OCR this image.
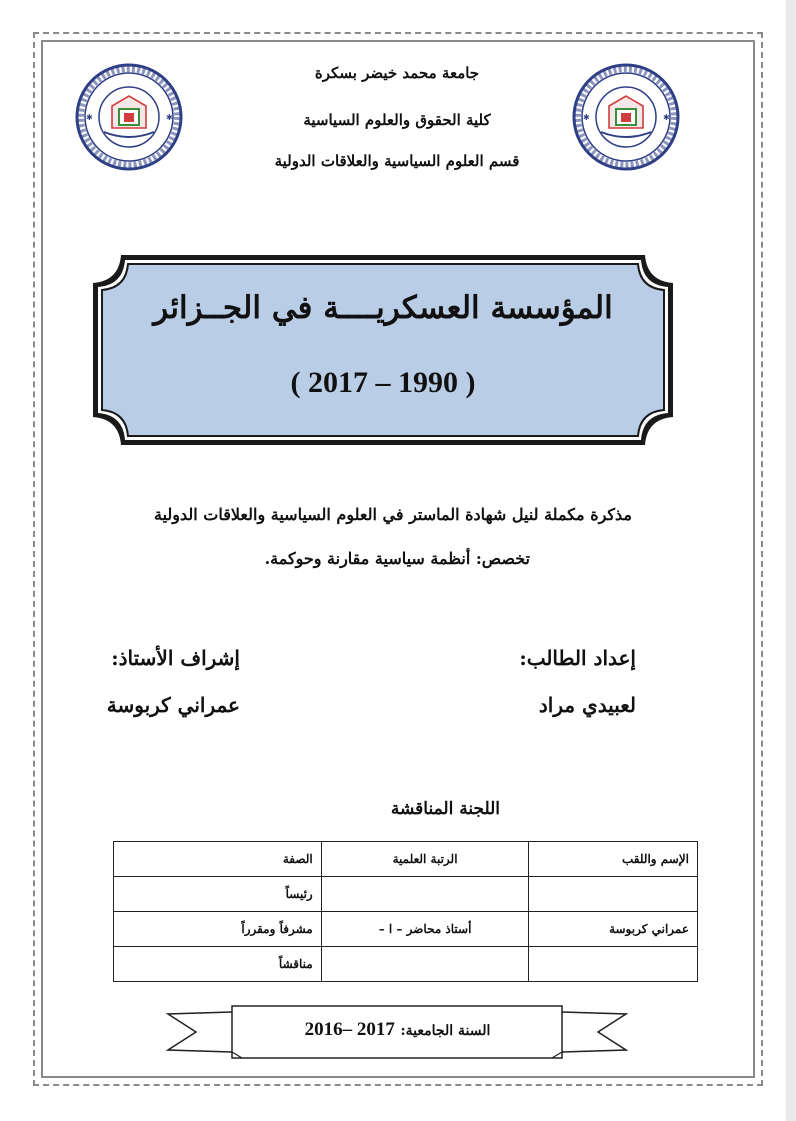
✱	✱	✱	✱
جامعة محمد خيضر بسكرة
كلية الحقوق والعلوم السياسية
قسم العلوم السياسية والعلاقات الدولية
المؤسسة العسكريــــة في الجــزائر
( 2017 – 1990 )
مذكرة مكملة لنيل شهادة الماستر في العلوم السياسية والعلاقات الدولية
تخصص: أنظمة سياسية مقارنة وحوكمة.
إعداد الطالب:
إشراف الأستاذ:
لعبيدي مراد
عمراني كربوسة
اللجنة المناقشة
الإسم واللقب	الرتبة العلمية	الصفة
		رئيساً
عمراني كربوسة	أستاذ محاضر – ا –	مشرفاً ومقرراً
		مناقشاً
السنة الجامعية: 2016– 2017
